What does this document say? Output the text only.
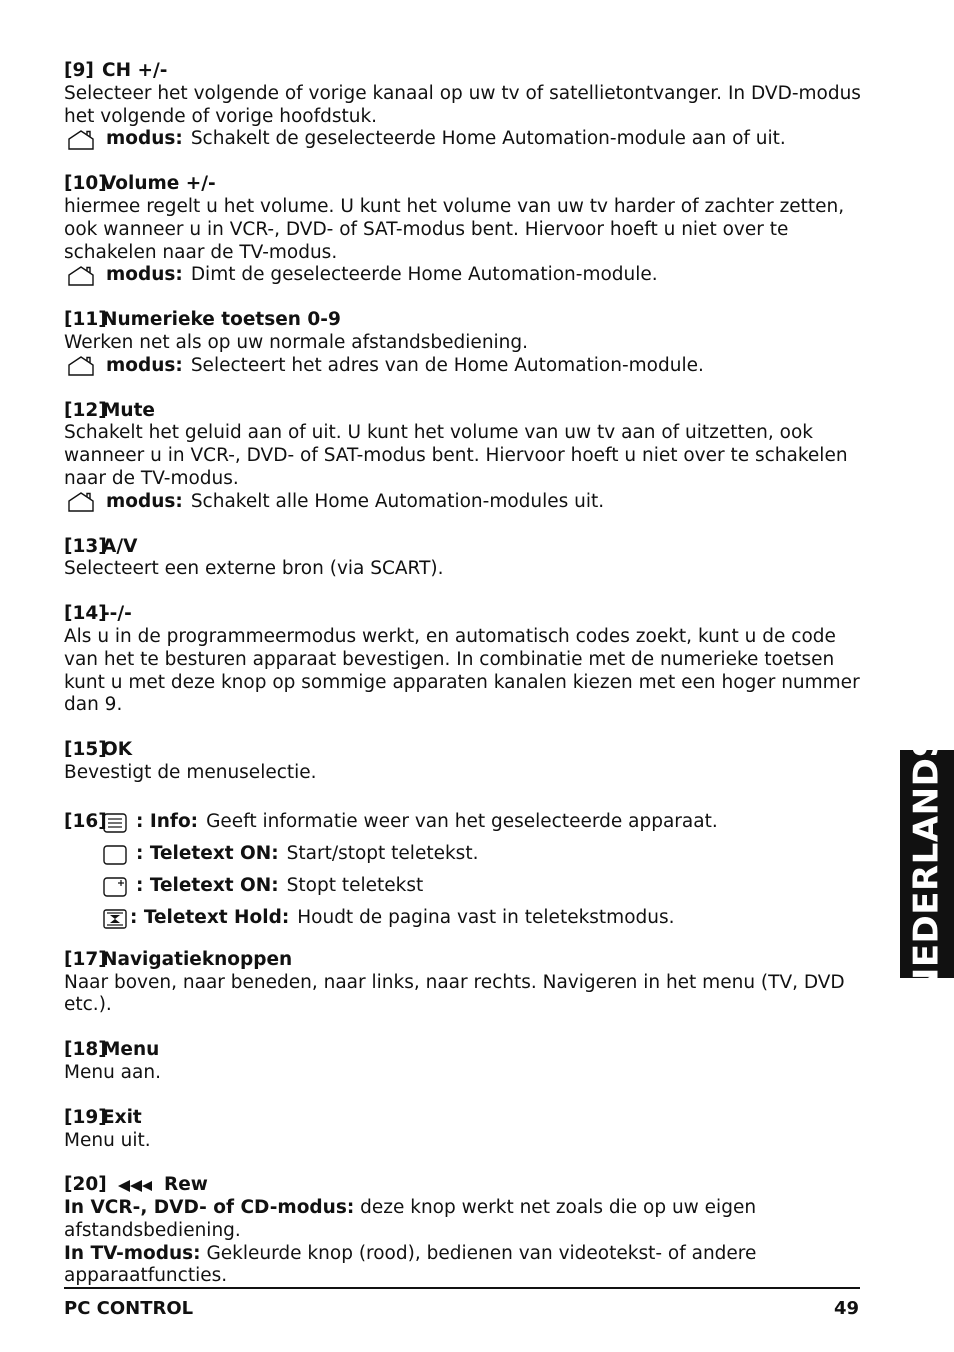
[9] CH +/-

Selecteer het volgende of vorige kanaal op uw tv of satellietontvanger. In DVD-modus het volgende of vorige hoofdstuk.

modus: Schakelt de geselecteerde Home Automation-module aan of uit.
[10]
Volume +/-

hiermee regelt u het volume. U kunt het volume van uw tv harder of zachter zetten, ook wanneer u in VCR-, DVD- of SAT-modus bent. Hiervoor hoeft u niet over te schakelen naar de TV-modus.

modus: Dimt de geselecteerde Home Automation-module.
[11]
Numerieke toetsen 0-9

Werken net als op uw normale afstandsbediening.

modus: Selecteert het adres van de Home Automation-module.
[12]
Mute

Schakelt het geluid aan of uit. U kunt het volume van uw tv aan of uitzetten, ook wanneer u in VCR-, DVD- of SAT-modus bent. Hiervoor hoeft u niet over te schakelen naar de TV-modus.

modus: Schakelt alle Home Automation-modules uit.
[13]
A/V

Selecteert een externe bron (via SCART).

[14]
--/-

Als u in de programmeermodus werkt, en automatisch codes zoekt, kunt u de code van het te besturen apparaat bevestigen. In combinatie met de numerieke toetsen kunt u met deze knop op sommige apparaten kanalen kiezen met een hoger nummer dan 9.

[15]
OK

Bevestigt de menuselectie.

[16] : Info: Geeft informatie weer van het geselecteerde apparaat.
: Teletext ON: Start/stopt teletekst.
: Teletext ON: Stopt teletekst
: Teletext Hold: Houdt de pagina vast in teletekstmodus.
[17]
Navigatieknoppen

Naar boven, naar beneden, naar links, naar rechts. Navigeren in het menu (TV, DVD etc.).

[18]
Menu

Menu aan.

[19]
Exit

Menu uit.

[20]	Rew

In VCR-, DVD- of CD-modus: deze knop werkt net zoals die op uw eigen afstandsbediening.

In TV-modus: Gekleurde knop (rood), bedienen van videotekst- of andere apparaatfuncties.

NEDERLANDS
PC CONTROL	49
